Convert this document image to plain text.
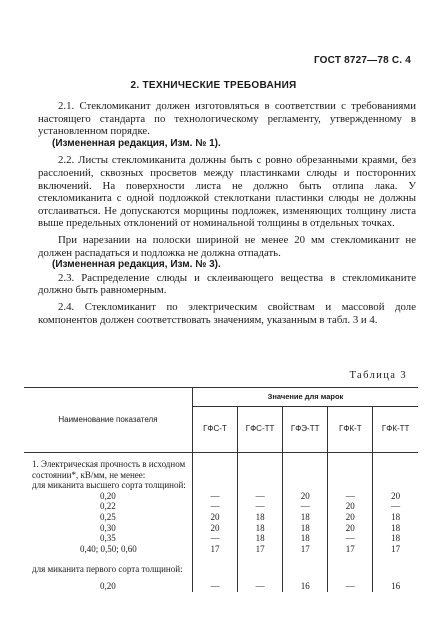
ГОСТ 8727—78 С. 4
2. ТЕХНИЧЕСКИЕ ТРЕБОВАНИЯ

2.1. Стекломиканит должен изготовляться в соответствии с требованиями настоящего стандарта по технологическому регламенту, утвержденному в установленном порядке.

(Измененная редакция, Изм. № 1).

2.2. Листы стекломиканита должны быть с ровно обрезанными краями, без расслоений, сквозных просветов между пластинками слюды и посторонних включений. На поверхности листа не должно быть отлипа лака. У стекломиканита с одной подложкой стеклоткани пластинки слюды не должны отслаиваться. Не допускаются морщины подложек, изменяющих толщину листа выше предельных отклонений от номинальной толщины в отдельных точках.

При нарезании на полоски шириной не менее 20 мм стекломиканит не должен распадаться и подложка не должна отпадать.

(Измененная редакция, Изм. № 3).

2.3. Распределение слюды и склеивающего вещества в стекломиканите должно быть равномерным.

2.4. Стекломиканит по электрическим свойствам и массовой доле компонентов должен соответствовать значениям, указанным в табл. 3 и 4.

Таблица 3
Наименование показателя	Значение для марок				
	ГФС-Т	ГФС-ТТ	ГФЭ-ТТ	ГФК-Т	ГФК-ТТ
1. Электрическая прочность в исходном состоянии*, кВ/мм, не менее:					
для миканита высшего сорта толщиной:					
0,20	—	—	20	—	20
0,22	—	—	—	20	—
0,25	20	18	18	20	18
0,30	20	18	18	20	18
0,35	—	18	18	—	18
0,40; 0,50; 0,60	17	17	17	17	17
для миканита первого сорта толщиной:					
0,20	—	—	16	—	16
